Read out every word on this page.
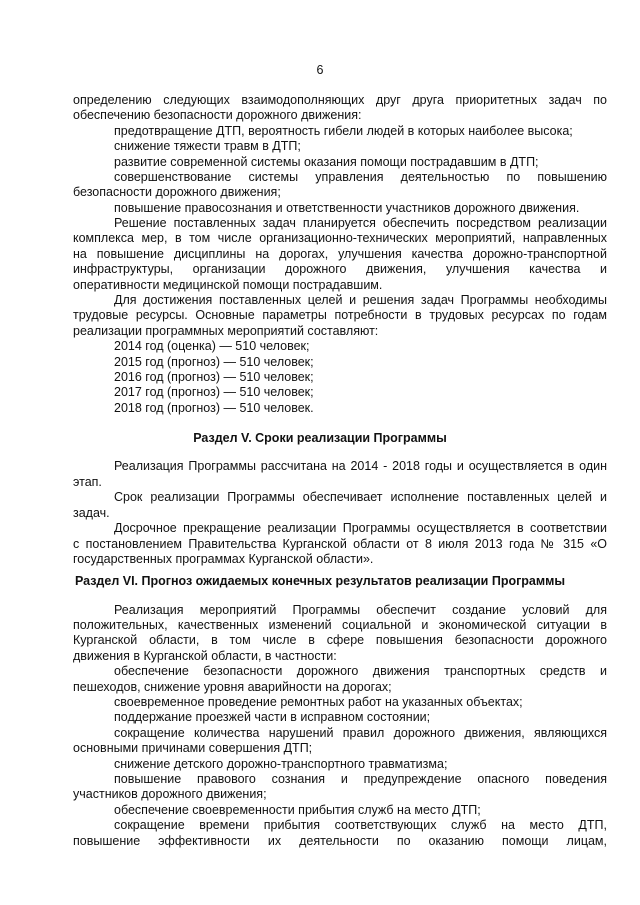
6
определению следующих взаимодополняющих друг друга приоритетных задач по
обеспечению безопасности дорожного движения:
предотвращение ДТП, вероятность гибели людей в которых наиболее высока;
снижение тяжести травм в ДТП;
развитие современной системы оказания помощи пострадавшим в ДТП;
совершенствование системы управления деятельностью по повышению
безопасности дорожного движения;
повышение правосознания и ответственности участников дорожного движения.
Решение поставленных задач планируется обеспечить посредством реализации
комплекса мер, в том числе организационно-технических мероприятий, направленных
на повышение дисциплины на дорогах, улучшения качества дорожно-транспортной
инфраструктуры, организации дорожного движения, улучшения качества и
оперативности медицинской помощи пострадавшим.
Для достижения поставленных целей и решения задач Программы необходимы
трудовые ресурсы. Основные параметры потребности в трудовых ресурсах по годам
реализации программных мероприятий составляют:
2014 год (оценка) — 510 человек;
2015 год (прогноз) — 510 человек;
2016 год (прогноз) — 510 человек;
2017 год (прогноз) — 510 человек;
2018 год (прогноз) — 510 человек.
Раздел V. Сроки реализации Программы
Реализация Программы рассчитана на 2014 - 2018 годы и осуществляется в один
этап.
Срок реализации Программы обеспечивает исполнение поставленных целей и
задач.
Досрочное прекращение реализации Программы осуществляется в соответствии
с постановлением Правительства Курганской области от 8 июля 2013 года № 315 «О
государственных программах Курганской области».
Раздел VI. Прогноз ожидаемых конечных результатов реализации Программы
Реализация мероприятий Программы обеспечит создание условий для
положительных, качественных изменений социальной и экономической ситуации в
Курганской области, в том числе в сфере повышения безопасности дорожного
движения в Курганской области, в частности:
обеспечение безопасности дорожного движения транспортных средств и
пешеходов, снижение уровня аварийности на дорогах;
своевременное проведение ремонтных работ на указанных объектах;
поддержание проезжей части в исправном состоянии;
сокращение количества нарушений правил дорожного движения, являющихся
основными причинами совершения ДТП;
снижение детского дорожно-транспортного травматизма;
повышение правового сознания и предупреждение опасного поведения
участников дорожного движения;
обеспечение своевременности прибытия служб на место ДТП;
сокращение времени прибытия соответствующих служб на место ДТП,
повышение эффективности их деятельности по оказанию помощи лицам,
